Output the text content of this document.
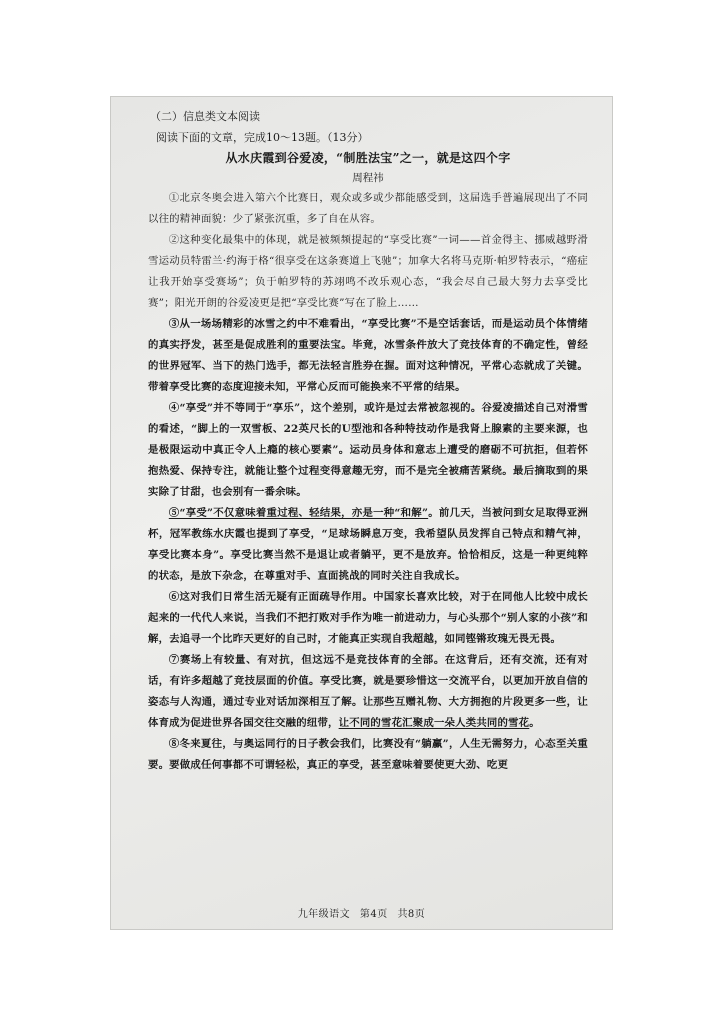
（二）信息类文本阅读

阅读下面的文章，完成10～13题。（13分）

从水庆霞到谷爱凌，“制胜法宝”之一，就是这四个字

周程祎

①北京冬奥会进入第六个比赛日，观众或多或少都能感受到，这届选手普遍展现出了不同以往的精神面貌：少了紧张沉重，多了自在从容。

②这种变化最集中的体现，就是被频频提起的“享受比赛”一词——首金得主、挪威越野滑雪运动员特雷兰·约海于格“很享受在这条赛道上飞驰”；加拿大名将马克斯·帕罗特表示，“癌症让我开始享受赛场”；负于帕罗特的苏翊鸣不改乐观心态，“我会尽自己最大努力去享受比赛”；阳光开朗的谷爱凌更是把“享受比赛”写在了脸上……

③从一场场精彩的冰雪之约中不难看出，“享受比赛”不是空话套话，而是运动员个体情绪的真实抒发，甚至是促成胜利的重要法宝。毕竟，冰雪条件放大了竞技体育的不确定性，曾经的世界冠军、当下的热门选手，都无法轻言胜券在握。面对这种情况，平常心态就成了关键。带着享受比赛的态度迎接未知，平常心反而可能换来不平常的结果。

④“享受”并不等同于“享乐”，这个差别，或许是过去常被忽视的。谷爱凌描述自己对滑雪的看述，“脚上的一双雪板、22英尺长的U型池和各种特技动作是我肾上腺素的主要来源，也是极限运动中真正令人上瘾的核心要素”。运动员身体和意志上遭受的磨砺不可抗拒，但若怀抱热爱、保持专注，就能让整个过程变得意趣无穷，而不是完全被痛苦紧绕。最后摘取到的果实除了甘甜，也会别有一番余味。

⑤“享受”不仅意味着重过程、轻结果，亦是一种“和解”。前几天，当被问到女足取得亚洲杯，冠军教练水庆霞也提到了享受，“足球场瞬息万变，我希望队员发挥自己特点和精气神，享受比赛本身”。享受比赛当然不是退让或者躺平，更不是放弃。恰恰相反，这是一种更纯粹的状态，是放下杂念，在尊重对手、直面挑战的同时关注自我成长。

⑥这对我们日常生活无疑有正面疏导作用。中国家长喜欢比较，对于在同他人比较中成长起来的一代代人来说，当我们不把打败对手作为唯一前进动力，与心头那个“别人家的小孩”和解，去追寻一个比昨天更好的自己时，才能真正实现自我超越，如同铿锵玫瑰无畏无畏。

⑦赛场上有较量、有对抗，但这远不是竞技体育的全部。在这背后，还有交流，还有对话，有许多超越了竞技层面的价值。享受比赛，就是要珍惜这一交流平台，以更加开放自信的姿态与人沟通，通过专业对话加深相互了解。让那些互赠礼物、大方拥抱的片段更多一些，让体育成为促进世界各国交往交融的纽带，让不同的雪花汇聚成一朵人类共同的雪花。

⑧冬来夏往，与奥运同行的日子教会我们，比赛没有“躺赢”，人生无需努力，心态至关重要。要做成任何事都不可谓轻松，真正的享受，甚至意味着要使更大劲、吃更

九年级语文 第4页 共8页
